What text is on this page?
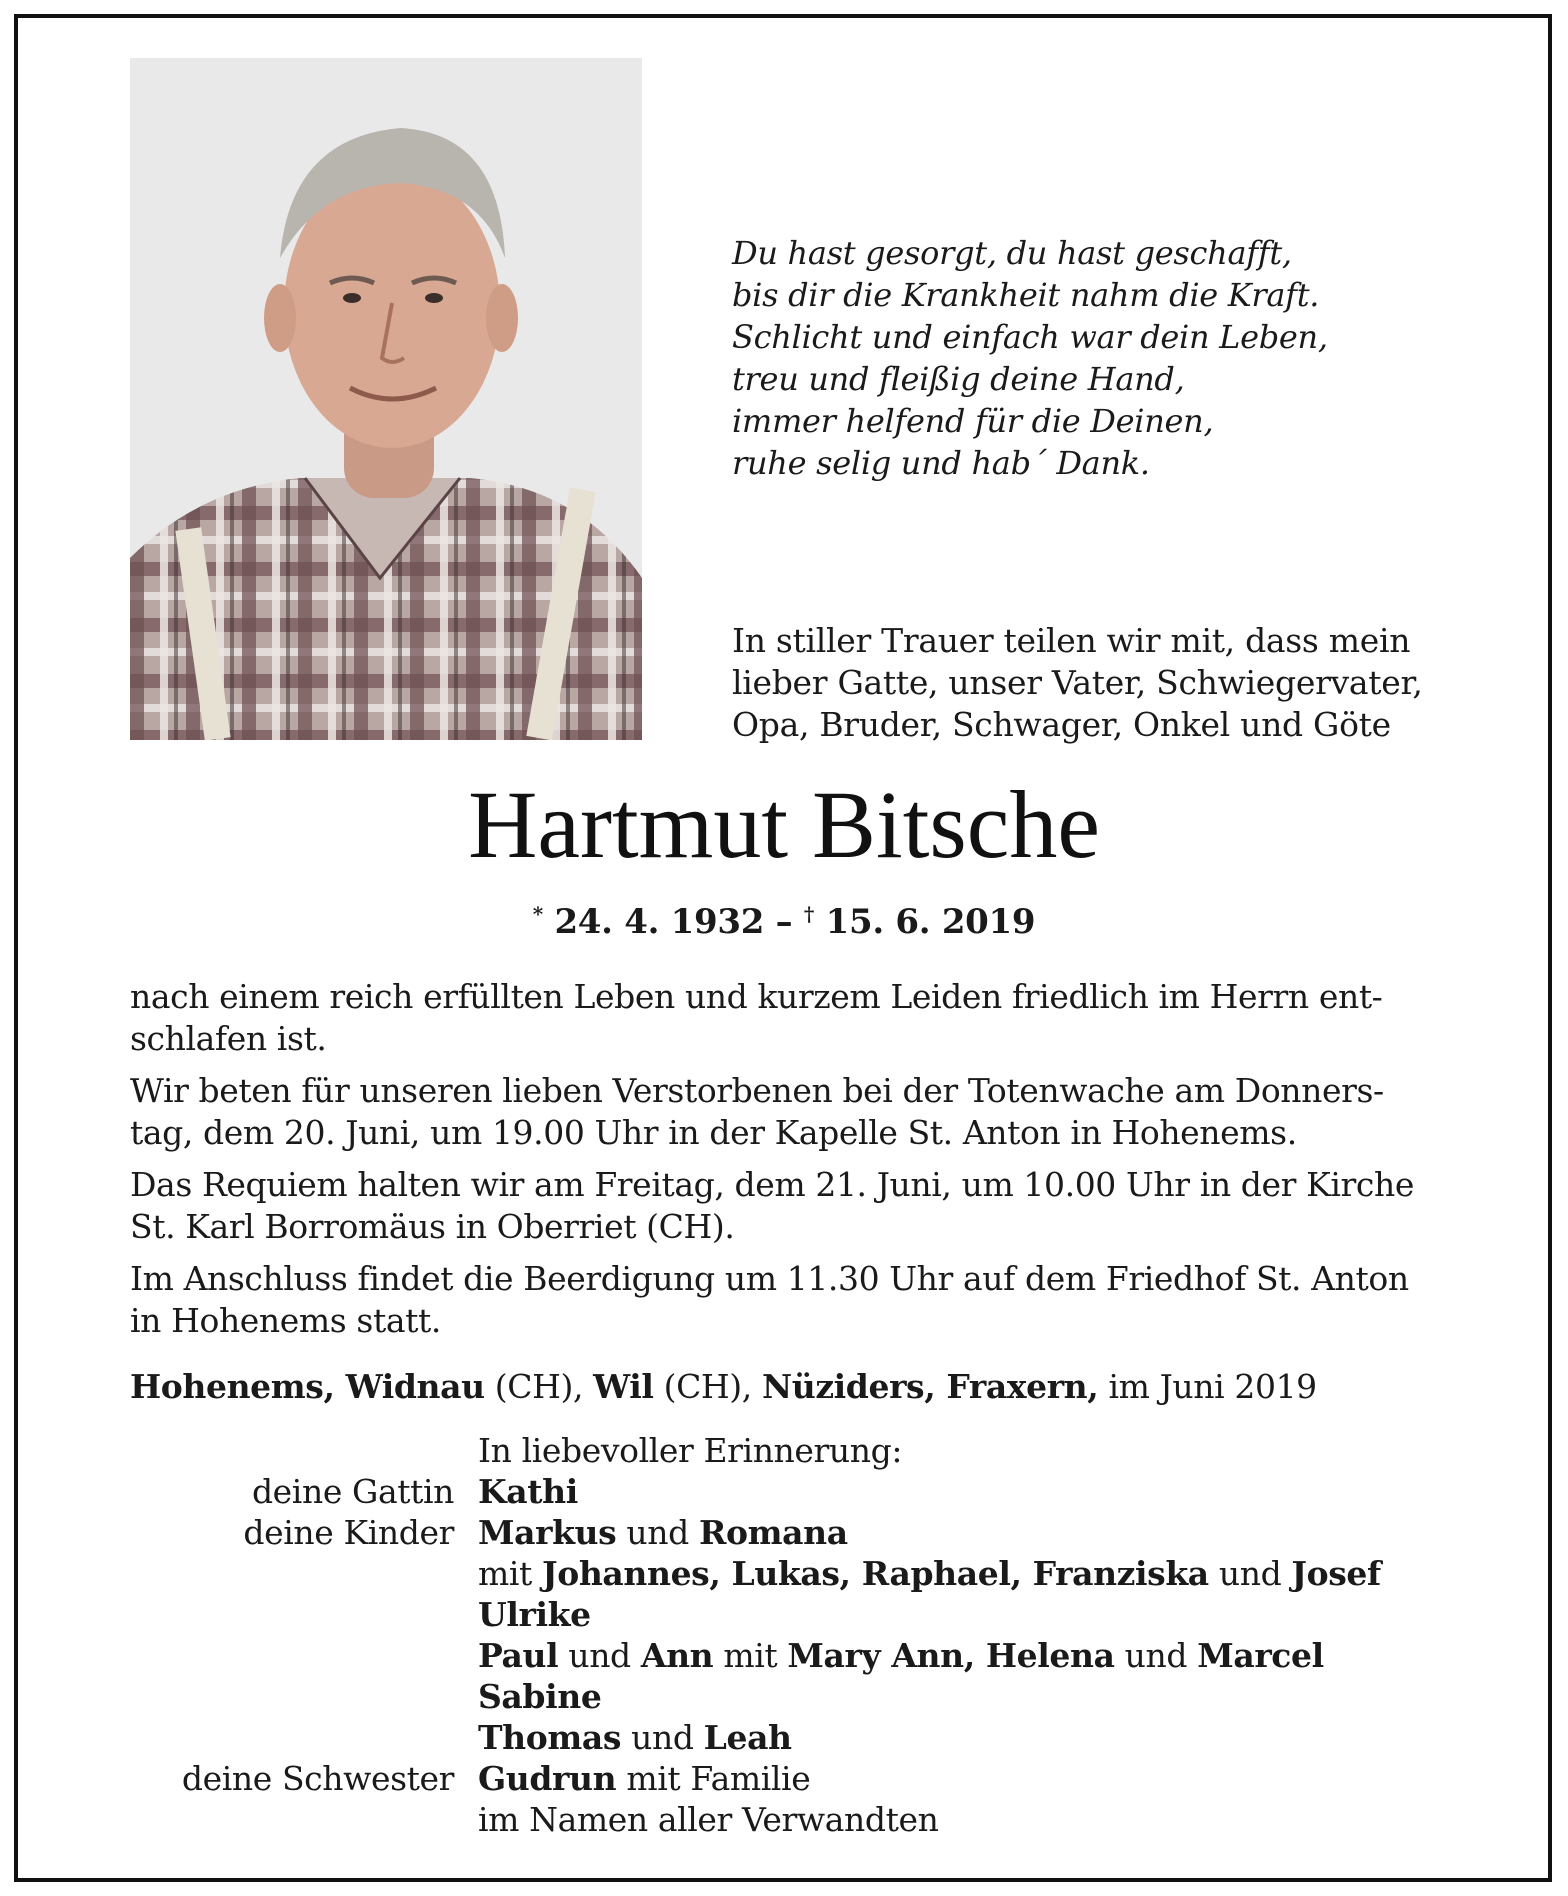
Du hast gesorgt, du hast geschafft,
bis dir die Krankheit nahm die Kraft.
Schlicht und einfach war dein Leben,
treu und fleißig deine Hand,
immer helfend für die Deinen,
ruhe selig und hab´ Dank.
In stiller Trauer teilen wir mit, dass mein
lieber Gatte, unser Vater, Schwiegervater,
Opa, Bruder, Schwager, Onkel und Göte
Hartmut Bitsche
* 24. 4. 1932 – † 15. 6. 2019

nach einem reich erfüllten Leben und kurzem Leiden friedlich im Herrn ent-
schlafen ist.

Wir beten für unseren lieben Verstorbenen bei der Totenwache am Donners-
tag, dem 20. Juni, um 19.00 Uhr in der Kapelle St. Anton in Hohenems.

Das Requiem halten wir am Freitag, dem 21. Juni, um 10.00 Uhr in der Kirche
St. Karl Borromäus in Oberriet (CH).

Im Anschluss findet die Beerdigung um 11.30 Uhr auf dem Friedhof St. Anton
in Hohenems statt.

Hohenems, Widnau (CH), Wil (CH), Nüziders, Fraxern, im Juni 2019
In liebevoller Erinnerung:
deine Gattin Kathi
deine Kinder Markus und Romana
mit Johannes, Lukas, Raphael, Franziska und Josef
Ulrike
Paul und Ann mit Mary Ann, Helena und Marcel
Sabine
Thomas und Leah
deine Schwester Gudrun mit Familie
im Namen aller Verwandten
